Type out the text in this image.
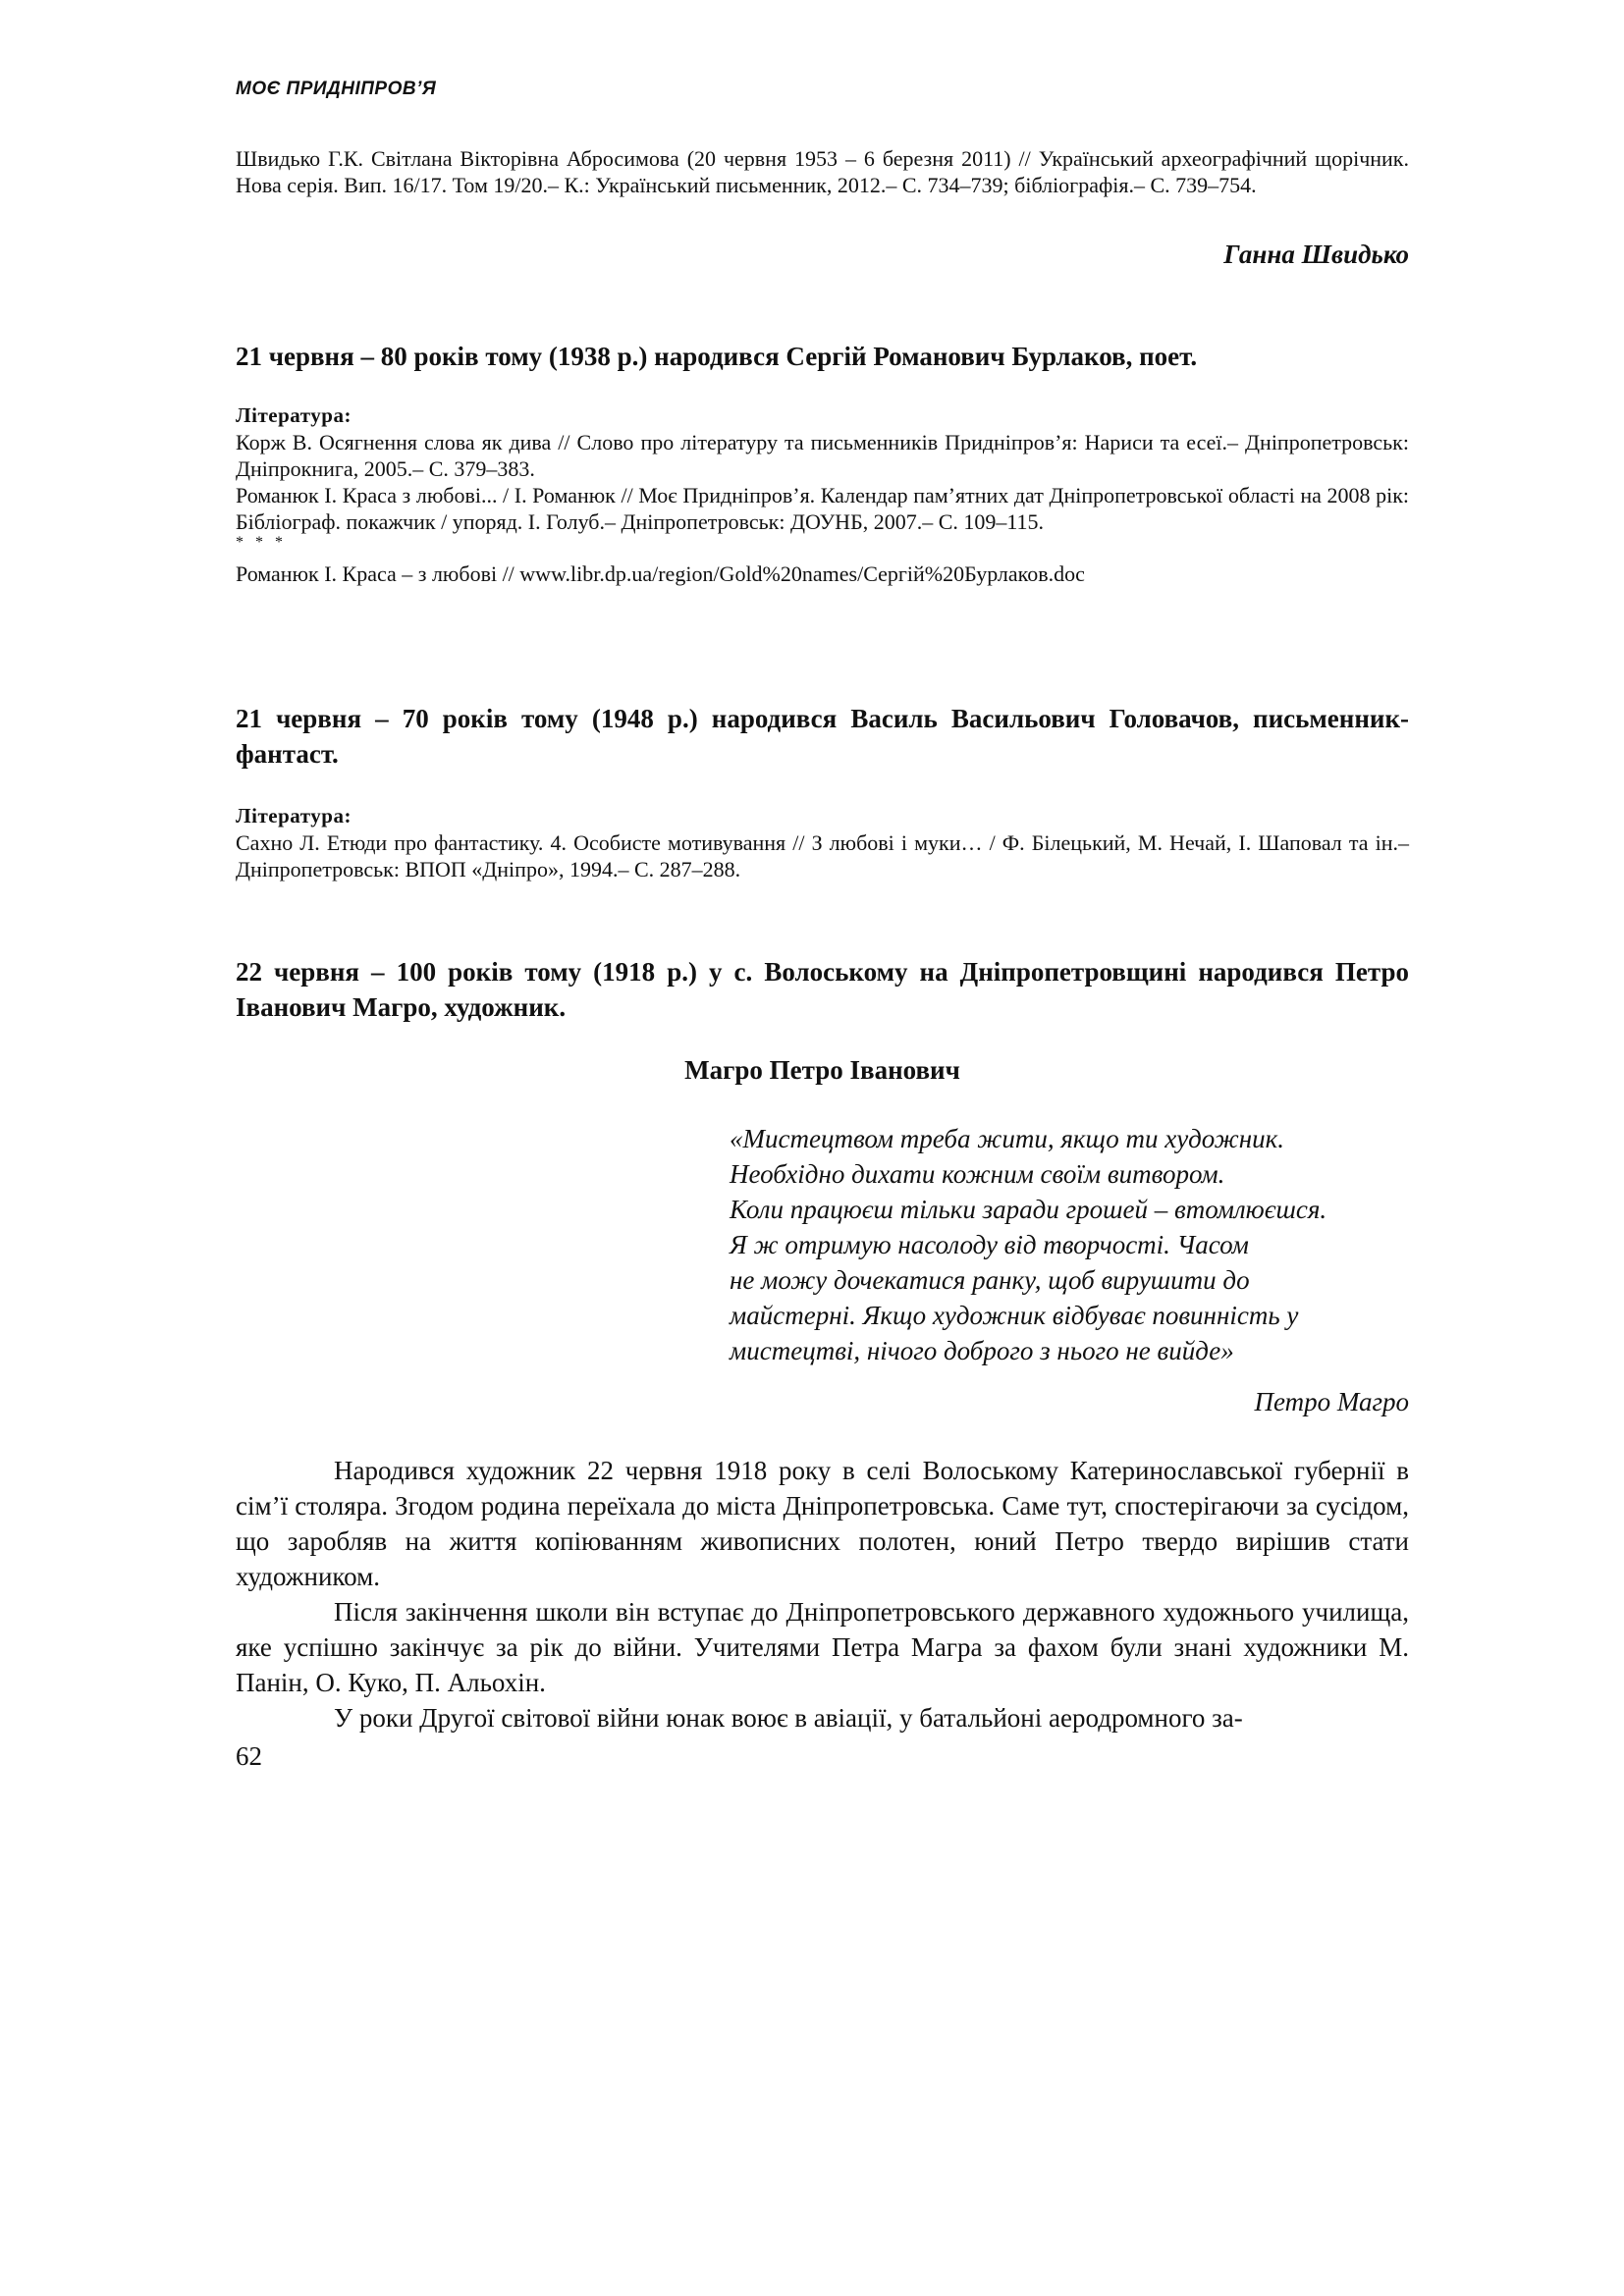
МОЄ ПРИДНІПРОВ’Я

Швидько Г.К. Світлана Вікторівна Абросимова (20 червня 1953 – 6 березня 2011) // Український археографічний щорічник. Нова серія. Вип. 16/17. Том 19/20.– К.: Український письменник, 2012.– С. 734–739; бібліографія.– С. 739–754.

Ганна Швидько

21 червня – 80 років тому (1938 р.) народився Сергій Романович Бурлаков, поет.

Література:

Корж В. Осягнення слова як дива // Слово про літературу та письменників Придніпров’я: Нариси та есеї.– Дніпропетровськ: Дніпрокнига, 2005.– С. 379–383.

Романюк І. Краса з любові... / І. Романюк // Моє Придніпров’я. Календар пам’ятних дат Дніпропетровської області на 2008 рік: Бібліограф. покажчик / упоряд. І. Голуб.– Дніпропетровськ: ДОУНБ, 2007.– С. 109–115.

* * *

Романюк І. Краса – з любові // www.libr.dp.ua/region/Gold%20names/Сергій%20Бурлаков.doc

21 червня – 70 років тому (1948 р.) народився Василь Васильович Головачов, письменник-фантаст.

Література:

Сахно Л. Етюди про фантастику. 4. Особисте мотивування // З любові і муки… / Ф. Білецький, М. Нечай, І. Шаповал та ін.– Дніпропетровськ: ВПОП «Дніпро», 1994.– С. 287–288.

22 червня – 100 років тому (1918 р.) у с. Волоському на Дніпропетровщині народився Петро Іванович Магро, художник.

Магро Петро Іванович

«Мистецтвом треба жити, якщо ти художник.

Необхідно дихати кожним своїм витвором.

Коли працюєш тільки заради грошей – втомлюєшся.

Я ж отримую насолоду від творчості. Часом

не можу дочекатися ранку, щоб вирушити до

майстерні. Якщо художник відбуває повинність у

мистецтві, нічого доброго з нього не вийде»

Петро Магро

Народився художник 22 червня 1918 року в селі Волоському Катеринославської губернії в сім’ї столяра. Згодом родина переїхала до міста Дніпропетровська. Саме тут, спостерігаючи за сусідом, що заробляв на життя копіюванням живописних полотен, юний Петро твердо вирішив стати художником.

Після закінчення школи він вступає до Дніпропетровського державного художнього училища, яке успішно закінчує за рік до війни. Учителями Петра Магра за фахом були знані художники М. Панін, О. Куко, П. Альохін.

У роки Другої світової війни юнак воює в авіації, у батальйоні аеродромного за-

62
